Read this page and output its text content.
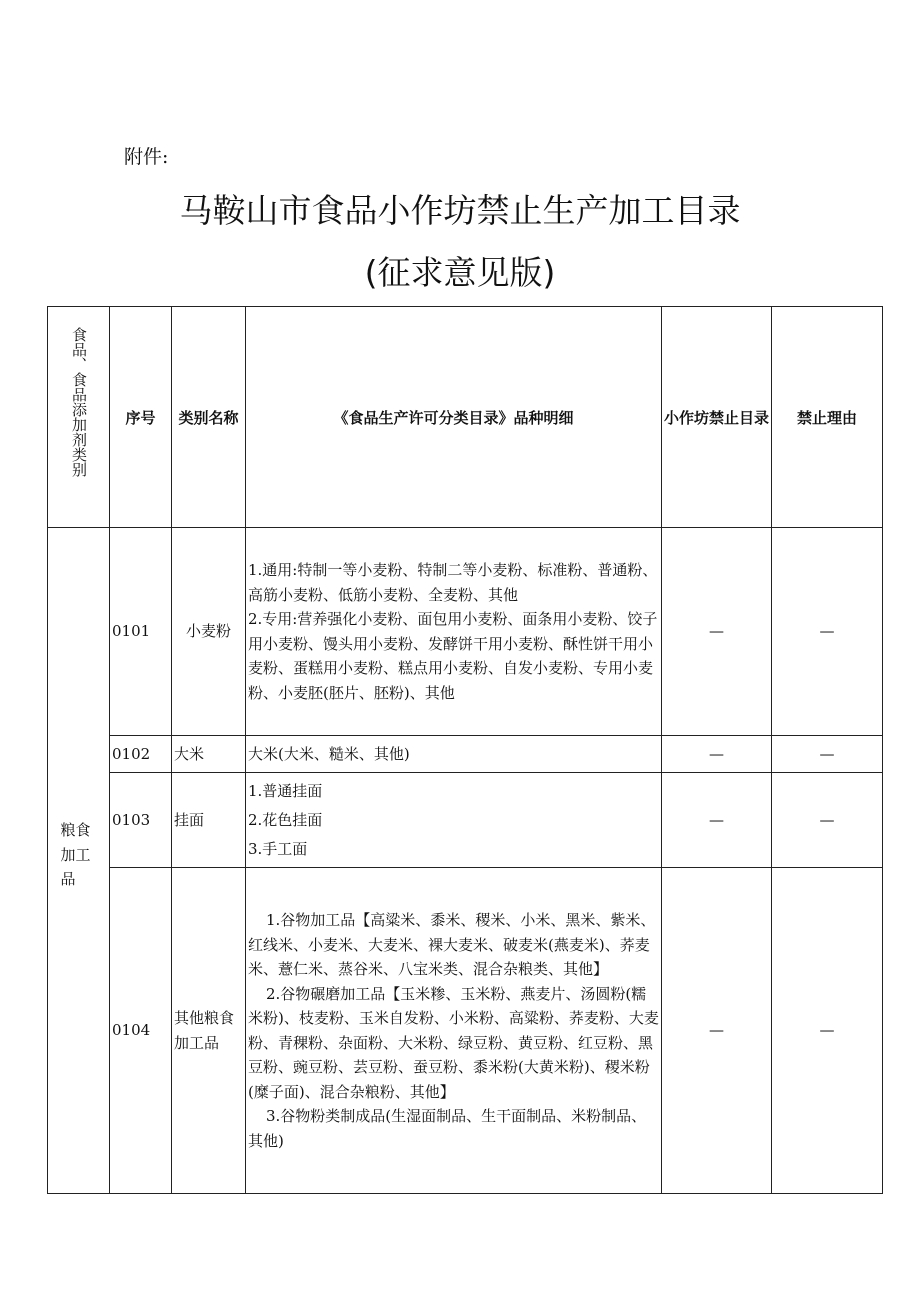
附件:
马鞍山市食品小作坊禁止生产加工目录
(征求意见版)
食品、食品添加剂类别	序号	类别名称	《食品生产许可分类目录》品种明细	小作坊禁止目录	禁止理由
粮食加工品	0101	小麦粉	1.通用:特制一等小麦粉、特制二等小麦粉、标准粉、普通粉、高筋小麦粉、低筋小麦粉、全麦粉、其他
2.专用:营养强化小麦粉、面包用小麦粉、面条用小麦粉、饺子用小麦粉、馒头用小麦粉、发酵饼干用小麦粉、酥性饼干用小麦粉、蛋糕用小麦粉、糕点用小麦粉、自发小麦粉、专用小麦粉、小麦胚(胚片、胚粉)、其他	—	—
	0102	大米	大米(大米、糙米、其他)	—	—
	0103	挂面	1.普通挂面
2.花色挂面
3.手工面	—	—
	0104	其他粮食加工品	1.谷物加工品【高粱米、黍米、稷米、小米、黑米、紫米、红线米、小麦米、大麦米、裸大麦米、破麦米(燕麦米)、荞麦米、薏仁米、蒸谷米、八宝米类、混合杂粮类、其他】
2.谷物碾磨加工品【玉米糁、玉米粉、燕麦片、汤圆粉(糯米粉)、枝麦粉、玉米自发粉、小米粉、高粱粉、荞麦粉、大麦粉、青稞粉、杂面粉、大米粉、绿豆粉、黄豆粉、红豆粉、黑豆粉、豌豆粉、芸豆粉、蚕豆粉、黍米粉(大黄米粉)、稷米粉(糜子面)、混合杂粮粉、其他】
3.谷物粉类制成品(生湿面制品、生干面制品、米粉制品、其他)	—	—
